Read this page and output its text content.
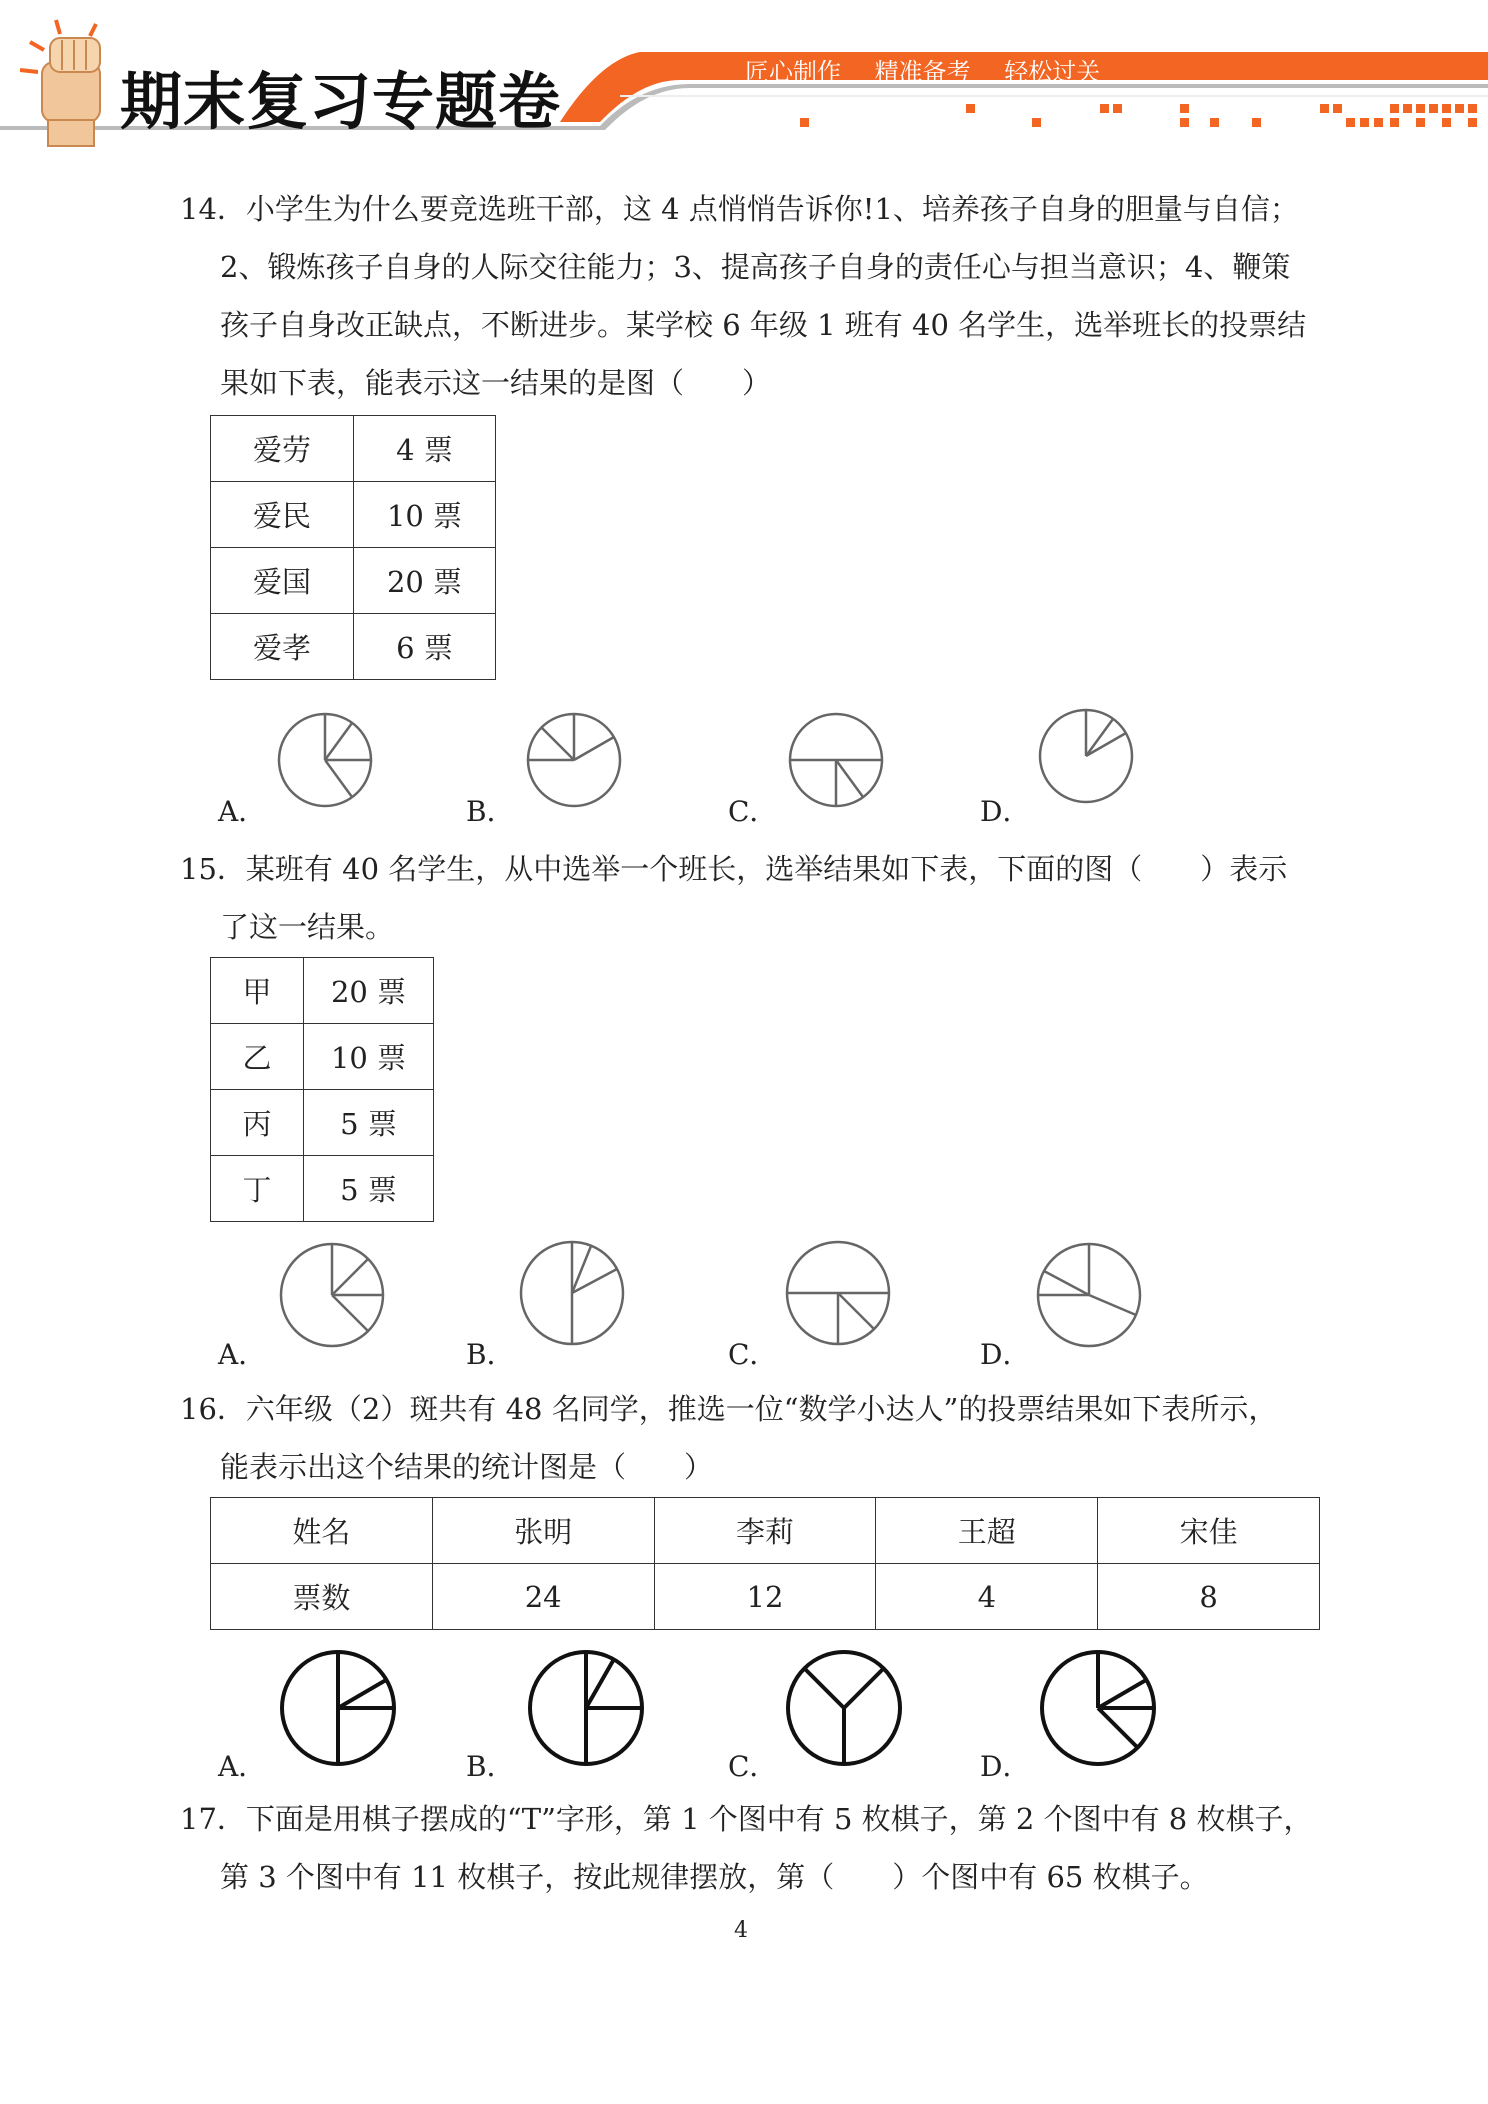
期末复习专题卷	匠心制作 精准备考 轻松过关
14．小学生为什么要竞选班干部，这 4 点悄悄告诉你!1、培养孩子自身的胆量与自信；
2、锻炼孩子自身的人际交往能力；3、提高孩子自身的责任心与担当意识；4、鞭策
孩子自身改正缺点，不断进步。某学校 6 年级 1 班有 40 名学生，选举班长的投票结
果如下表，能表示这一结果的是图（　　）
爱劳	4 票
爱民	10 票
爱国	20 票
爱孝	6 票
A．	B．	C．	D．
15．某班有 40 名学生，从中选举一个班长，选举结果如下表，下面的图（　　）表示
了这一结果。
甲	20 票
乙	10 票
丙	5 票
丁	5 票
A．	B．	C．	D．
16．六年级（2）斑共有 48 名同学，推选一位“数学小达人”的投票结果如下表所示，
能表示出这个结果的统计图是（　　）
姓名	张明	李莉	王超	宋佳
票数	24	12	4	8
A．	B．	C．	D．
17．下面是用棋子摆成的“T”字形，第 1 个图中有 5 枚棋子，第 2 个图中有 8 枚棋子，
第 3 个图中有 11 枚棋子，按此规律摆放，第（　　）个图中有 65 枚棋子。
4
